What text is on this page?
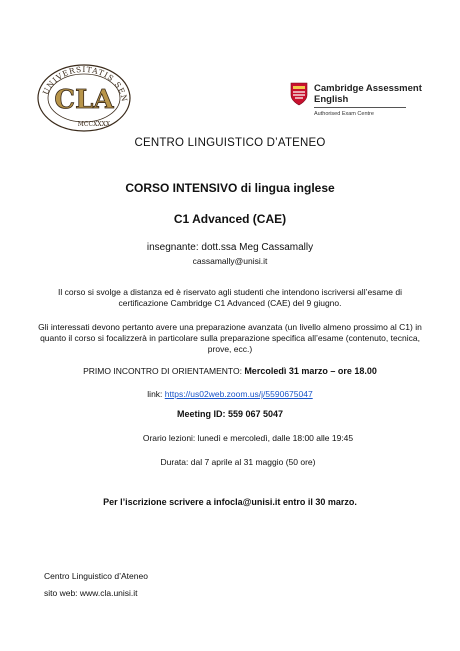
UNIVERSITATIS SEN
CLA
MCCXXXX
Cambridge Assessment
English
Authorised Exam Centre
CENTRO LINGUISTICO D’ATENEO
CORSO INTENSIVO di lingua inglese
C1 Advanced (CAE)
insegnante: dott.ssa Meg Cassamally
cassamally@unisi.it
Il corso si svolge a distanza ed è riservato agli studenti che intendono iscriversi all’esame di certificazione Cambridge C1 Advanced (CAE) del 9 giugno.
Gli interessati devono pertanto avere una preparazione avanzata (un livello almeno prossimo al C1) in quanto il corso si focalizzerà in particolare sulla preparazione specifica all’esame (contenuto, tecnica, prove, ecc.)
PRIMO INCONTRO DI ORIENTAMENTO: Mercoledì 31 marzo – ore 18.00
link: https://us02web.zoom.us/j/5590675047
Meeting ID: 559 067 5047
Orario lezioni: lunedì e mercoledì, dalle 18:00 alle 19:45
Durata: dal 7 aprile al 31 maggio (50 ore)
Per l’iscrizione scrivere a infocla@unisi.it entro il 30 marzo.
Centro Linguistico d’Ateneo
sito web: www.cla.unisi.it
